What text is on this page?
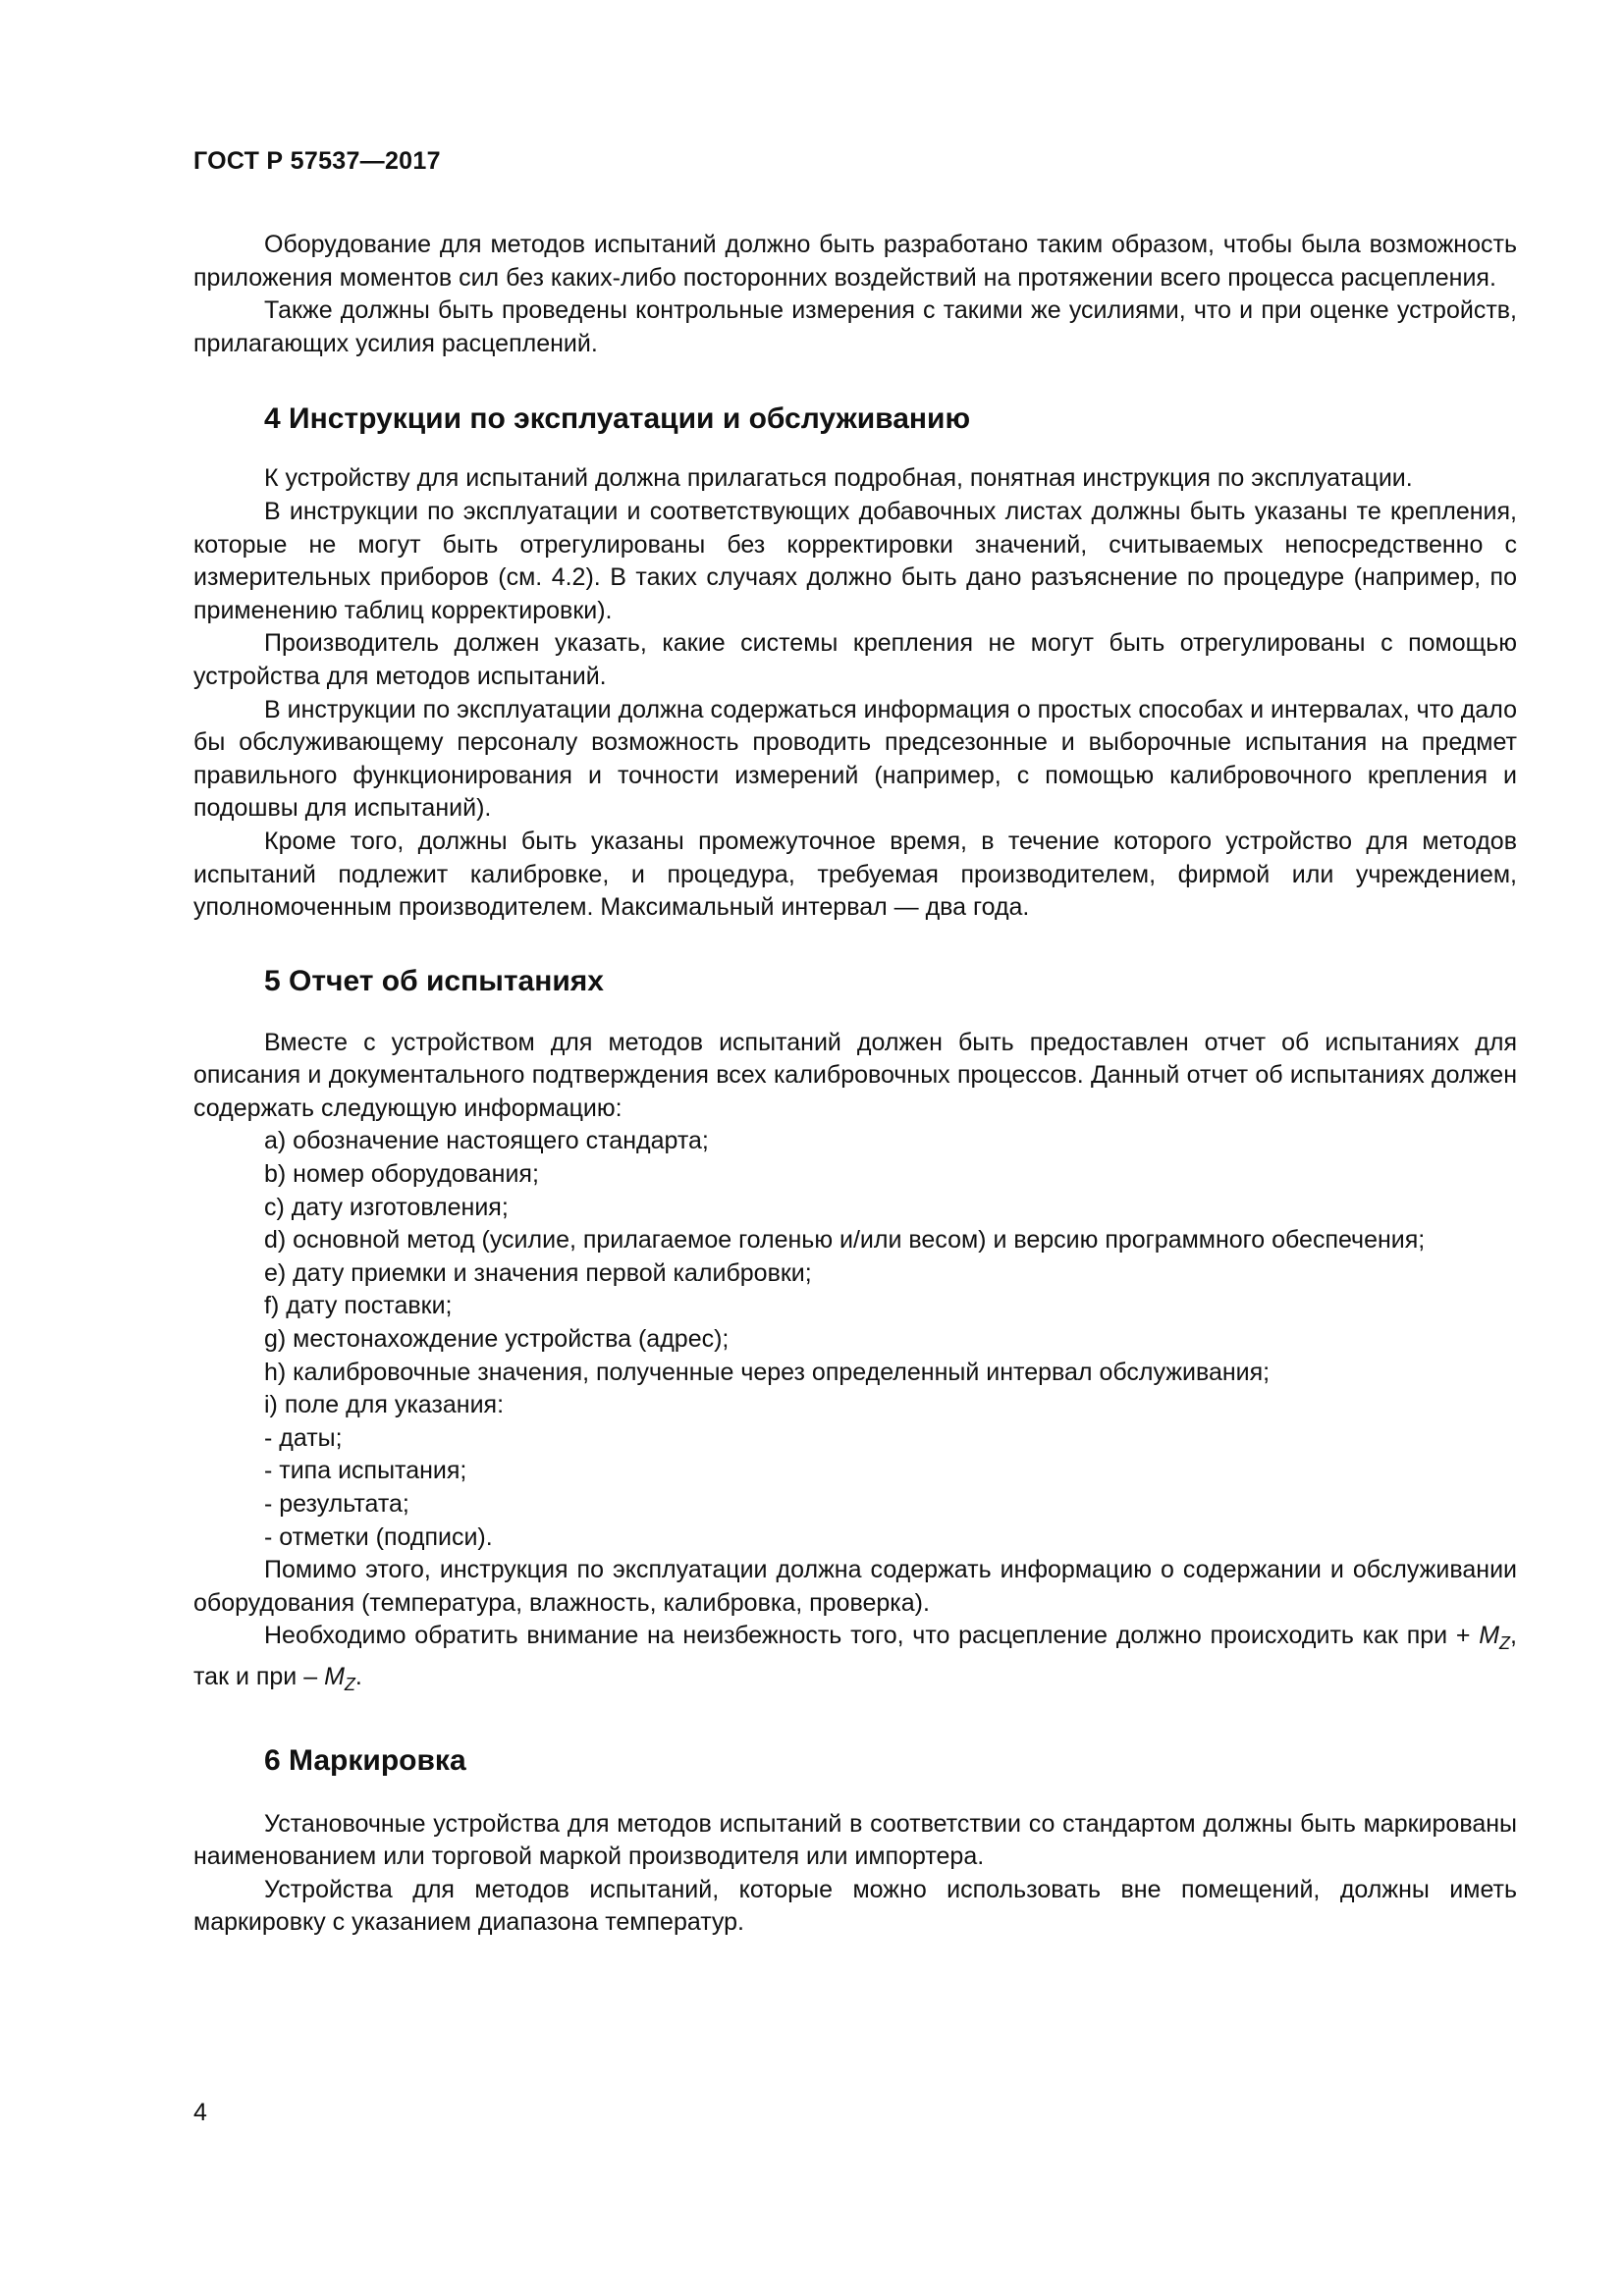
ГОСТ Р 57537—2017

Оборудование для методов испытаний должно быть разработано таким образом, чтобы была возможность приложения моментов сил без каких-либо посторонних воздействий на протяжении всего процесса расцепления.

Также должны быть проведены контрольные измерения с такими же усилиями, что и при оценке устройств, прилагающих усилия расцеплений.

4 Инструкции по эксплуатации и обслуживанию

К устройству для испытаний должна прилагаться подробная, понятная инструкция по эксплуатации.

В инструкции по эксплуатации и соответствующих добавочных листах должны быть указаны те крепления, которые не могут быть отрегулированы без корректировки значений, считываемых непосредственно с измерительных приборов (см. 4.2). В таких случаях должно быть дано разъяснение по процедуре (например, по применению таблиц корректировки).

Производитель должен указать, какие системы крепления не могут быть отрегулированы с помощью устройства для методов испытаний.

В инструкции по эксплуатации должна содержаться информация о простых способах и интервалах, что дало бы обслуживающему персоналу возможность проводить предсезонные и выборочные испытания на предмет правильного функционирования и точности измерений (например, с помощью калибровочного крепления и подошвы для испытаний).

Кроме того, должны быть указаны промежуточное время, в течение которого устройство для методов испытаний подлежит калибровке, и процедура, требуемая производителем, фирмой или учреждением, уполномоченным производителем. Максимальный интервал — два года.

5 Отчет об испытаниях

Вместе с устройством для методов испытаний должен быть предоставлен отчет об испытаниях для описания и документального подтверждения всех калибровочных процессов. Данный отчет об испытаниях должен содержать следующую информацию:

a) обозначение настоящего стандарта;

b) номер оборудования;

c) дату изготовления;

d) основной метод (усилие, прилагаемое голенью и/или весом) и версию программного обеспечения;

e) дату приемки и значения первой калибровки;

f) дату поставки;

g) местонахождение устройства (адрес);

h) калибровочные значения, полученные через определенный интервал обслуживания;

i) поле для указания:

- даты;

- типа испытания;

- результата;

- отметки (подписи).

Помимо этого, инструкция по эксплуатации должна содержать информацию о содержании и обслуживании оборудования (температура, влажность, калибровка, проверка).

Необходимо обратить внимание на неизбежность того, что расцепление должно происходить как при + $M_Z$, так и при – $M_Z$.

6 Маркировка

Установочные устройства для методов испытаний в соответствии со стандартом должны быть маркированы наименованием или торговой маркой производителя или импортера.

Устройства для методов испытаний, которые можно использовать вне помещений, должны иметь маркировку с указанием диапазона температур.

4
